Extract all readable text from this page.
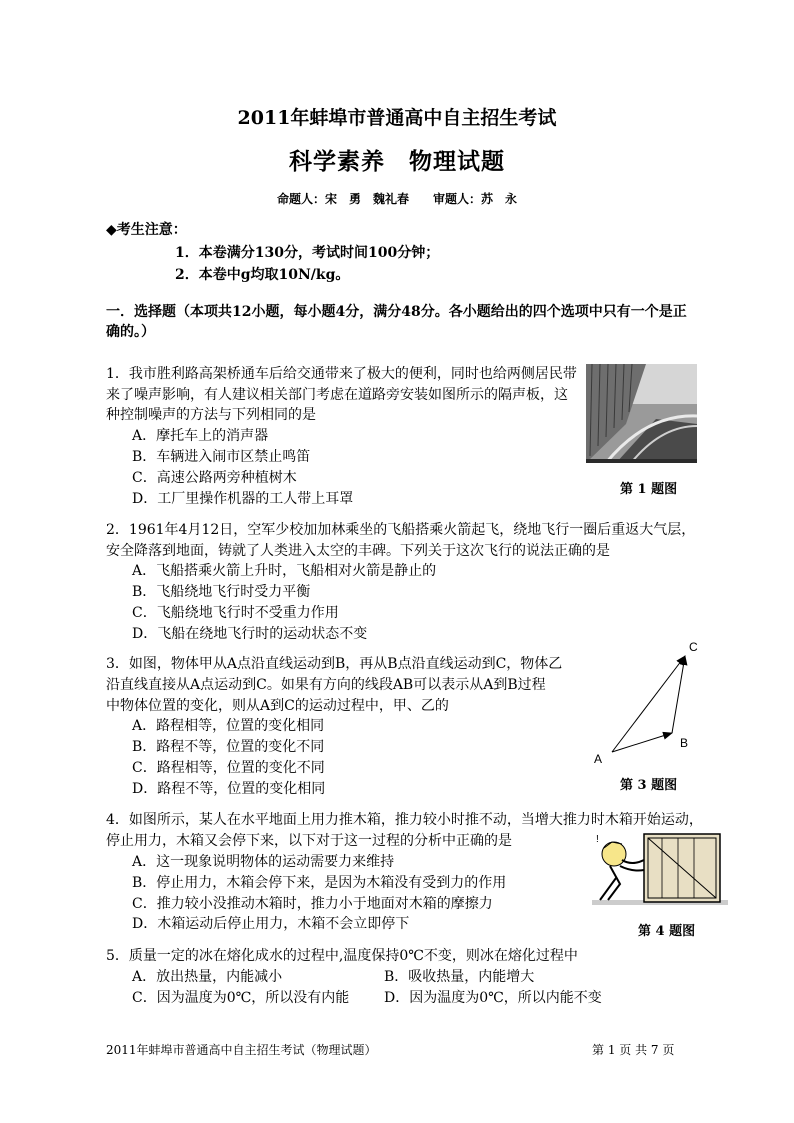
2011年蚌埠市普通高中自主招生考试
科学素养　物理试题
命题人：宋　勇　魏礼春　　审题人：苏　永
◆考生注意：
1．本卷满分130分，考试时间100分钟；
2．本卷中g均取10N/kg。
一．选择题（本项共12小题，每小题4分，满分48分。各小题给出的四个选项中只有一个是正
确的。）
1．我市胜利路高架桥通车后给交通带来了极大的便利，同时也给两侧居民带
来了噪声影响，有人建议相关部门考虑在道路旁安装如图所示的隔声板，这
种控制噪声的方法与下列相同的是
A．摩托车上的消声器
B．车辆进入闹市区禁止鸣笛
C．高速公路两旁种植树木
D．工厂里操作机器的工人带上耳罩
第 1 题图
2．1961年4月12日，空军少校加加林乘坐的飞船搭乘火箭起飞，绕地飞行一圈后重返大气层，
安全降落到地面，铸就了人类进入太空的丰碑。下列关于这次飞行的说法正确的是
A．飞船搭乘火箭上升时，飞船相对火箭是静止的
B．飞船绕地飞行时受力平衡
C．飞船绕地飞行时不受重力作用
D．飞船在绕地飞行时的运动状态不变
3．如图，物体甲从A点沿直线运动到B，再从B点沿直线运动到C，物体乙
沿直线直接从A点运动到C。如果有方向的线段AB可以表示从A到B过程
中物体位置的变化，则从A到C的运动过程中，甲、乙的
A．路程相等，位置的变化相同
B．路程不等，位置的变化不同
C．路程相等，位置的变化不同
D．路程不等，位置的变化相同
A
B
C
第 3 题图
4．如图所示，某人在水平地面上用力推木箱，推力较小时推不动，当增大推力时木箱开始运动，
停止用力，木箱又会停下来，以下对于这一过程的分析中正确的是
A．这一现象说明物体的运动需要力来维持
B．停止用力，木箱会停下来，是因为木箱没有受到力的作用
C．推力较小没推动木箱时，推力小于地面对木箱的摩擦力
D．木箱运动后停止用力，木箱不会立即停下
!
第 4 题图
5．质量一定的冰在熔化成水的过程中,温度保持0℃不变，则冰在熔化过程中
A．放出热量，内能减小	B．吸收热量，内能增大
C．因为温度为0℃，所以没有内能 D．因为温度为0℃，所以内能不变
2011年蚌埠市普通高中自主招生考试（物理试题）	第 1 页 共 7 页
